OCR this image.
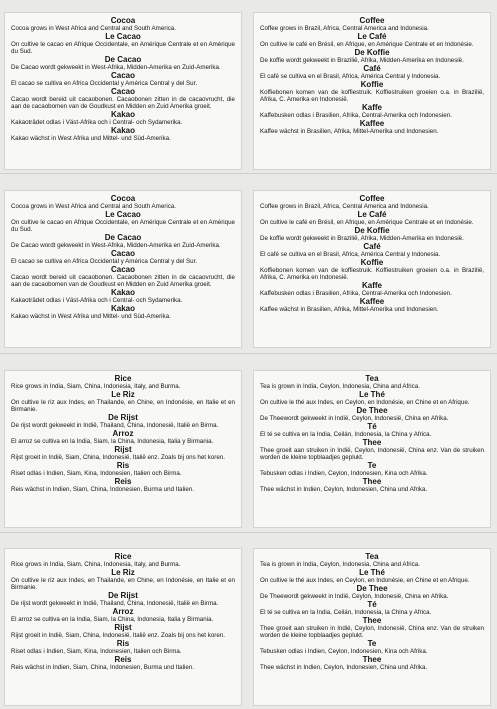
Cocoa
Cocoa grows in West Africa and Central and South America.
Le Cacao
On cultive le cacao en Afrique Occidentale, en Amérique Centrale et en Amérique du Sud.
De Cacao
De Cacao wordt gekweekt in West-Afrika, Midden-Amerika en Zuid-Amerika.
Cacao
El cacao se cultiva en Africa Occidental y América Central y del Sur.
Cacao
Cacao wordt bereid uit cacaobonen. Cacaobonen zitten in de cacaovrucht, die aan de cacaobomen van de Goudkust en Midden en Zuid Amerika groeit.
Kakao
Kakaoträdet odlas i Väst-Afrika och i Central- och Sydamerika.
Kakao
Kakao wächst in West Afrika und Mittel- und Süd-Amerika.
Coffee
Coffee grows in Brazil, Africa, Central America and Indonesia.
Le Café
On cultive le café en Brésil, en Afrique, en Amérique Centrale et en Indonésie.
De Koffie
De koffie wordt gekweekt in Brazilië, Afrika, Midden-Amerika en Indonesië.
Café
El café se cultiva en el Brasil, Africa, América Central y Indonesia.
Koffie
Koffiebonen komen van de koffiestruik. Koffiestruiken groeien o.a. in Brazilië, Afrika, C. Amerika en Indonesië.
Kaffe
Kaffebusken odlas i Brasilien, Afrika, Central-Amerika och Indonesien.
Kaffee
Kaffee wächst in Brasilien, Afrika, Mittel-Amerika und Indonesien.
Cocoa
Cocoa grows in West Africa and Central and South America.
Le Cacao
On cultive le cacao en Afrique Occidentale, en Amérique Centrale et en Amérique du Sud.
De Cacao
De Cacao wordt gekweekt in West-Afrika, Midden-Amerika en Zuid-Amerika.
Cacao
El cacao se cultiva en Africa Occidental y América Central y del Sur.
Cacao
Cacao wordt bereid uit cacaobonen. Cacaobonen zitten in de cacaovrucht, die aan de cacaobomen van de Goudkust en Midden en Zuid Amerika groeit.
Kakao
Kakaoträdet odlas i Väst-Afrika och i Central- och Sydamerika.
Kakao
Kakao wächst in West Afrika und Mittel- und Süd-Amerika.
Coffee
Coffee grows in Brazil, Africa, Central America and Indonesia.
Le Café
On cultive le café en Brésil, en Afrique, en Amérique Centrale et en Indonésie.
De Koffie
De koffie wordt gekweekt in Brazilië, Afrika, Midden-Amerika en Indonesië.
Café
El café se cultiva en el Brasil, Africa, América Central y Indonesia.
Koffie
Koffiebonen komen van de koffiestruik. Koffiestruiken groeien o.a. in Brazilië, Afrika, C. Amerika en Indonesië.
Kaffe
Kaffebusken odlas i Brasilien, Afrika, Central-Amerika och Indonesien.
Kaffee
Kaffee wächst in Brasilien, Afrika, Mittel-Amerika und Indonesien.
Rice
Rice grows in India, Siam, China, Indonesia, Italy, and Burma.
Le Riz
On cultive le riz aux Indes, en Thailande, en Chine, en Indonésie, en Italie et en Birmanie.
De Rijst
De rijst wordt gekweekt in Indië, Thailand, China, Indonesië, Italië en Birma.
Arroz
El arroz se cultiva en la India, Siam, la China, Indonesia, Italia y Birmania.
Rijst
Rijst groeit in Indië, Siam, China, Indonesië, Italië enz. Zoals bij ons het koren.
Ris
Riset odlas i Indien, Siam, Kina, Indonesien, Italien och Birma.
Reis
Reis wächst in Indien, Siam, China, Indonesien, Burma und Italien.
Tea
Tea is grown in India, Ceylon, Indonesia, China and Africa.
Le Thé
On cultive le thé aux Indes, en Ceylon, en Indonésie, en Chine et en Afrique.
De Thee
De Theewordt gekweekt in Indië, Ceylon, Indonesië, China en Afrika.
Té
El té se cultiva en la India, Ceilán, Indonesia, la China y Africa.
Thee
Thee groeit aan struiken in Indië, Ceylon, Indonesië, China enz. Van de struiken worden de kleine topblaadjes geplukt.
Te
Tebusken odlas i Indien, Ceylon, Indonesien, Kina och Afrika.
Thee
Thee wächst in Indien, Ceylon, Indonesien, China und Afrika.
Rice
Rice grows in India, Siam, China, Indonesia, Italy, and Burma.
Le Riz
On cultive le riz aux Indes, en Thailande, en Chine, en Indonésie, en Italie et en Birmanie.
De Rijst
De rijst wordt gekweekt in Indië, Thailand, China, Indonesië, Italië en Birma.
Arroz
El arroz se cultiva en la India, Siam, la China, Indonesia, Italia y Birmania.
Rijst
Rijst groeit in Indië, Siam, China, Indonesië, Italië enz. Zoals bij ons het koren.
Ris
Riset odlas i Indien, Siam, Kina, Indonesien, Italien och Birma.
Reis
Reis wächst in Indien, Siam, China, Indonesien, Burma und Italien.
Tea
Tea is grown in India, Ceylon, Indonesia, China and Africa.
Le Thé
On cultive le thé aux Indes, en Ceylon, en Indonésie, en Chine et en Afrique.
De Thee
De Theewordt gekweekt in Indië, Ceylon, Indonesië, China en Afrika.
Té
El té se cultiva en la India, Ceilán, Indonesia, la China y Africa.
Thee
Thee groeit aan struiken in Indië, Ceylon, Indonesië, China enz. Van de struiken worden de kleine topblaadjes geplukt.
Te
Tebusken odlas i Indien, Ceylon, Indonesien, Kina och Afrika.
Thee
Thee wächst in Indien, Ceylon, Indonesien, China und Afrika.
